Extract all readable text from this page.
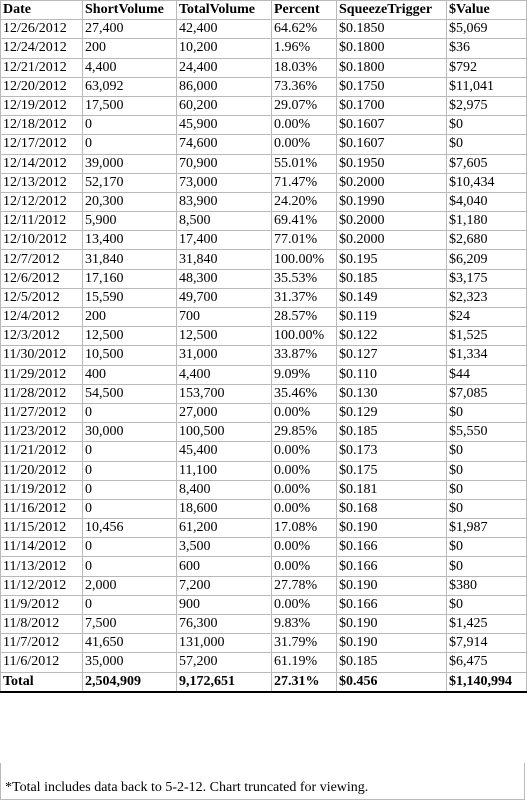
Date	ShortVolume	TotalVolume	Percent	SqueezeTrigger	$Value
12/26/2012	27,400	42,400	64.62%	$0.1850	$5,069
12/24/2012	200	10,200	1.96%	$0.1800	$36
12/21/2012	4,400	24,400	18.03%	$0.1800	$792
12/20/2012	63,092	86,000	73.36%	$0.1750	$11,041
12/19/2012	17,500	60,200	29.07%	$0.1700	$2,975
12/18/2012	0	45,900	0.00%	$0.1607	$0
12/17/2012	0	74,600	0.00%	$0.1607	$0
12/14/2012	39,000	70,900	55.01%	$0.1950	$7,605
12/13/2012	52,170	73,000	71.47%	$0.2000	$10,434
12/12/2012	20,300	83,900	24.20%	$0.1990	$4,040
12/11/2012	5,900	8,500	69.41%	$0.2000	$1,180
12/10/2012	13,400	17,400	77.01%	$0.2000	$2,680
12/7/2012	31,840	31,840	100.00%	$0.195	$6,209
12/6/2012	17,160	48,300	35.53%	$0.185	$3,175
12/5/2012	15,590	49,700	31.37%	$0.149	$2,323
12/4/2012	200	700	28.57%	$0.119	$24
12/3/2012	12,500	12,500	100.00%	$0.122	$1,525
11/30/2012	10,500	31,000	33.87%	$0.127	$1,334
11/29/2012	400	4,400	9.09%	$0.110	$44
11/28/2012	54,500	153,700	35.46%	$0.130	$7,085
11/27/2012	0	27,000	0.00%	$0.129	$0
11/23/2012	30,000	100,500	29.85%	$0.185	$5,550
11/21/2012	0	45,400	0.00%	$0.173	$0
11/20/2012	0	11,100	0.00%	$0.175	$0
11/19/2012	0	8,400	0.00%	$0.181	$0
11/16/2012	0	18,600	0.00%	$0.168	$0
11/15/2012	10,456	61,200	17.08%	$0.190	$1,987
11/14/2012	0	3,500	0.00%	$0.166	$0
11/13/2012	0	600	0.00%	$0.166	$0
11/12/2012	2,000	7,200	27.78%	$0.190	$380
11/9/2012	0	900	0.00%	$0.166	$0
11/8/2012	7,500	76,300	9.83%	$0.190	$1,425
11/7/2012	41,650	131,000	31.79%	$0.190	$7,914
11/6/2012	35,000	57,200	61.19%	$0.185	$6,475
Total	2,504,909	9,172,651	27.31%	$0.456	$1,140,994
*Total includes data back to 5-2-12. Chart truncated for viewing.
